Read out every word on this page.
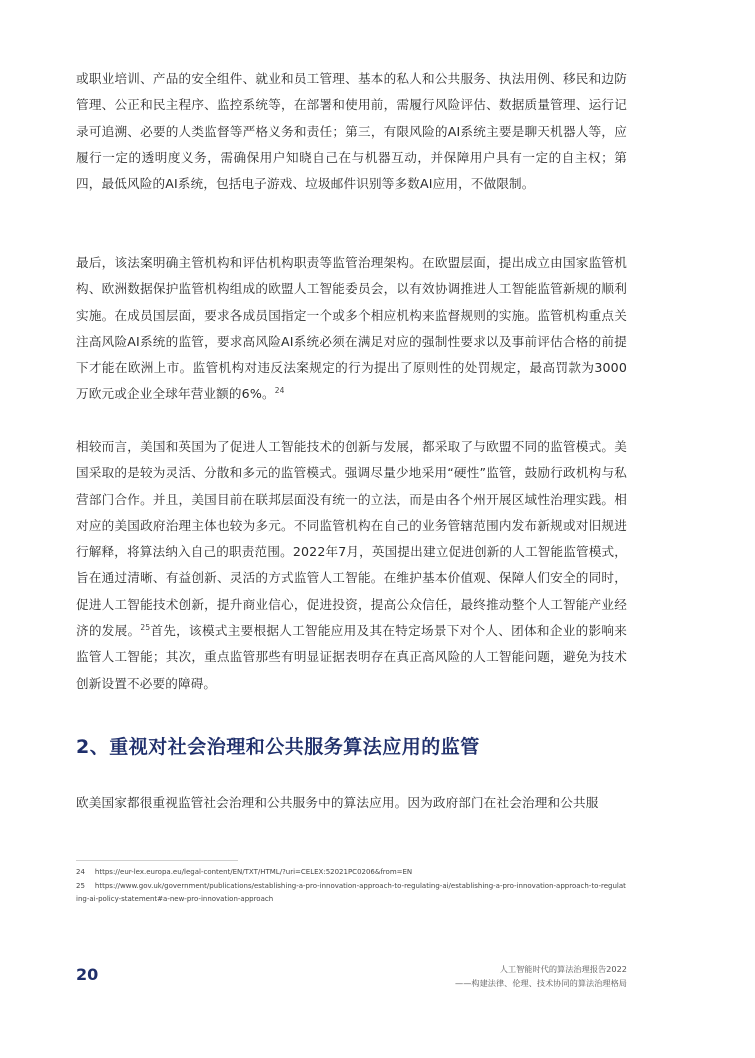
或职业培训、产品的安全组件、就业和员工管理、基本的私人和公共服务、执法用例、移民和边防管理、公正和民主程序、监控系统等，在部署和使用前，需履行风险评估、数据质量管理、运行记录可追溯、必要的人类监督等严格义务和责任；第三，有限风险的AI系统主要是聊天机器人等，应履行一定的透明度义务，需确保用户知晓自己在与机器互动，并保障用户具有一定的自主权；第四，最低风险的AI系统，包括电子游戏、垃圾邮件识别等多数AI应用，不做限制。

最后，该法案明确主管机构和评估机构职责等监管治理架构。在欧盟层面，提出成立由国家监管机构、欧洲数据保护监管机构组成的欧盟人工智能委员会，以有效协调推进人工智能监管新规的顺利实施。在成员国层面，要求各成员国指定一个或多个相应机构来监督规则的实施。监管机构重点关注高风险AI系统的监管，要求高风险AI系统必须在满足对应的强制性要求以及事前评估合格的前提下才能在欧洲上市。监管机构对违反法案规定的行为提出了原则性的处罚规定，最高罚款为3000万欧元或企业全球年营业额的6%。$^{24}$

相较而言，美国和英国为了促进人工智能技术的创新与发展，都采取了与欧盟不同的监管模式。美国采取的是较为灵活、分散和多元的监管模式。强调尽量少地采用“硬性”监管，鼓励行政机构与私营部门合作。并且，美国目前在联邦层面没有统一的立法，而是由各个州开展区域性治理实践。相对应的美国政府治理主体也较为多元。不同监管机构在自己的业务管辖范围内发布新规或对旧规进行解释，将算法纳入自己的职责范围。2022年7月，英国提出建立促进创新的人工智能监管模式，旨在通过清晰、有益创新、灵活的方式监管人工智能。在维护基本价值观、保障人们安全的同时，促进人工智能技术创新，提升商业信心，促进投资，提高公众信任，最终推动整个人工智能产业经济的发展。$^{25}$首先，该模式主要根据人工智能应用及其在特定场景下对个人、团体和企业的影响来监管人工智能；其次，重点监管那些有明显证据表明存在真正高风险的人工智能问题，避免为技术创新设置不必要的障碍。

2、重视对社会治理和公共服务算法应用的监管

欧美国家都很重视监管社会治理和公共服务中的算法应用。因为政府部门在社会治理和公共服

24 https://eur-lex.europa.eu/legal-content/EN/TXT/HTML/?uri=CELEX:52021PC0206&from=EN
25 https://www.gov.uk/government/publications/establishing-a-pro-innovation-approach-to-regulating-ai/establishing-a-pro-innovation-approach-to-regulating-ai-policy-statement#a-new-pro-innovation-approach
20	人工智能时代的算法治理报告2022
——构建法律、伦理、技术协同的算法治理格局
